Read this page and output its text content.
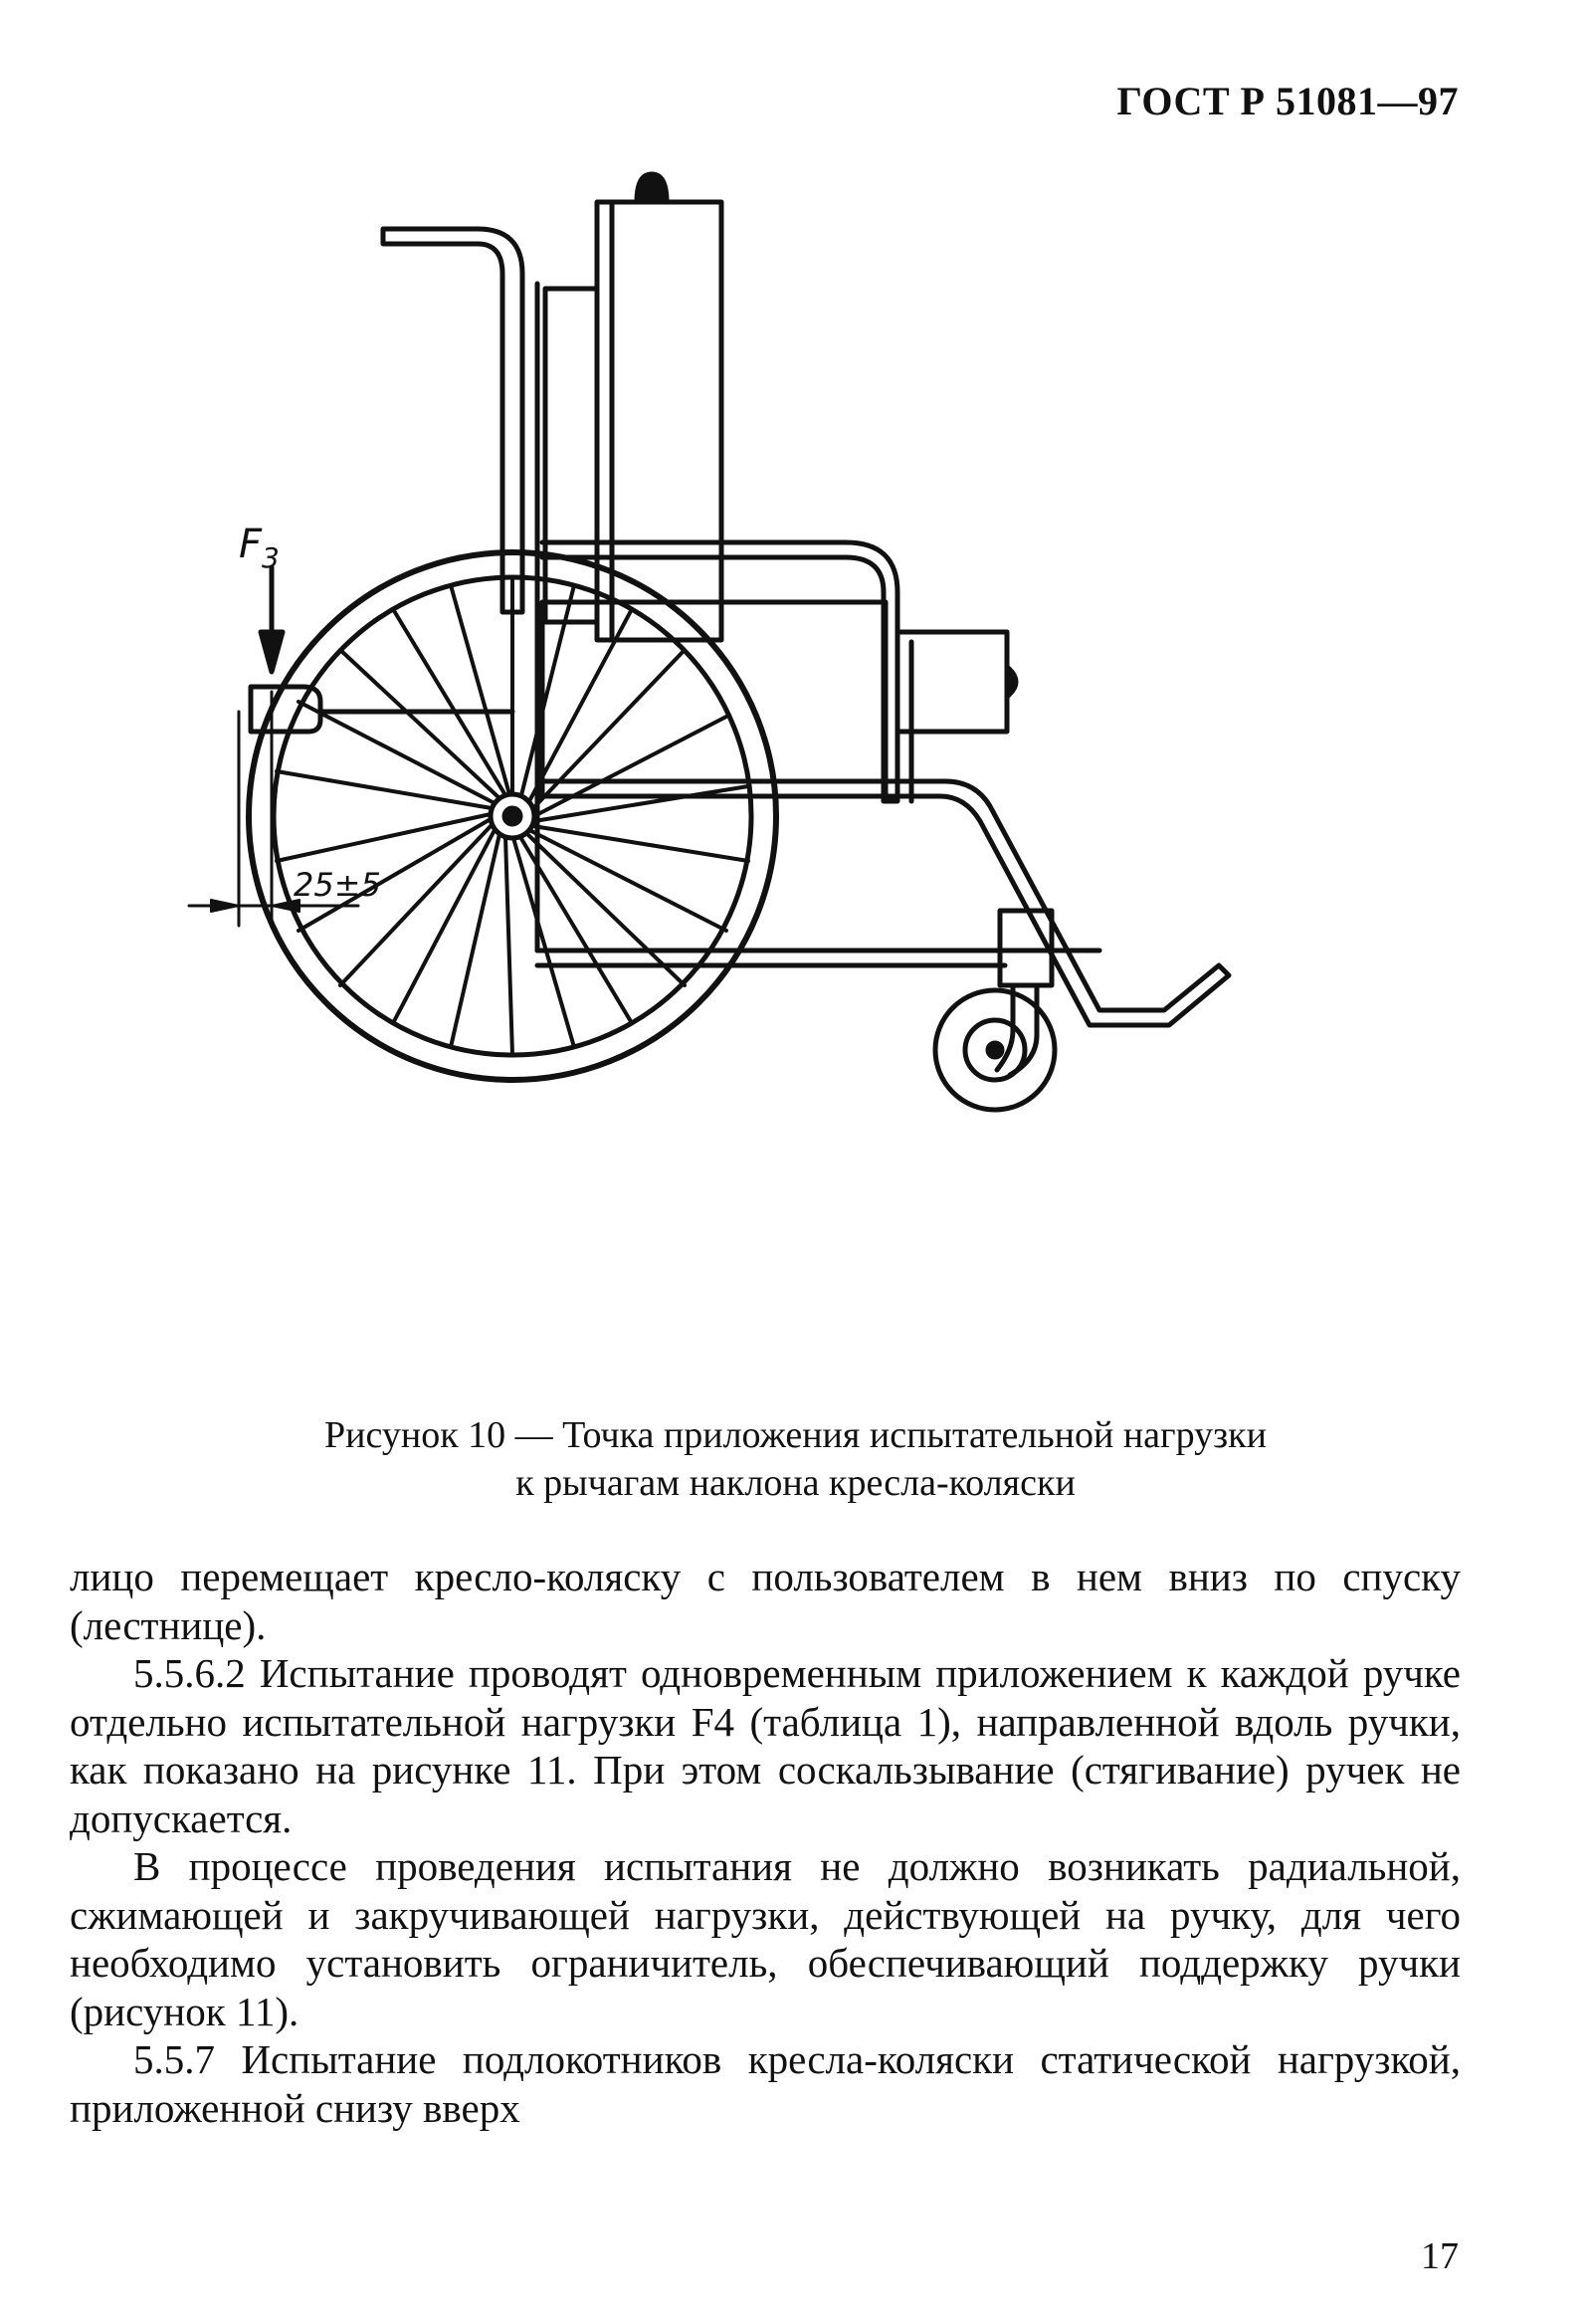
ГОСТ Р 51081—97
$F_3$
25±5
Рисунок 10 — Точка приложения испытательной нагрузки
к рычагам наклона кресла-коляски

лицо перемещает кресло-коляску с пользователем в нем вниз по спуску (лестнице).

5.5.6.2 Испытание проводят одновременным приложением к каждой ручке отдельно испытательной нагрузки F4 (таблица 1), направленной вдоль ручки, как показано на рисунке 11. При этом соскальзывание (стягивание) ручек не допускается.

В процессе проведения испытания не должно возникать радиальной, сжимающей и закручивающей нагрузки, действующей на ручку, для чего необходимо установить ограничитель, обеспечивающий поддержку ручки (рисунок 11).

5.5.7 Испытание подлокотников кресла-коляски статической нагрузкой, приложенной снизу вверх

17
